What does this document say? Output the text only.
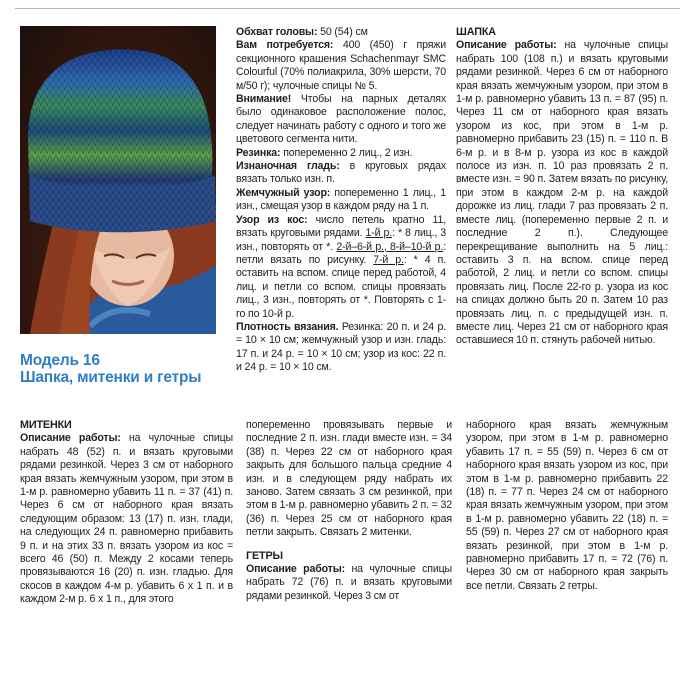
Модель 16
Шапка, митенки и гетры

Обхват головы: 50 (54) см

Вам потребуется: 400 (450) г пряжи секционного крашения Schachenmayr SMC Colourful (70% полиакрила, 30% шерсти, 70 м/50 г); чулочные спицы № 5.

Внимание! Чтобы на парных деталях было одинаковое расположение полос, следует начинать работу с одного и того же цветового сегмента нити.

Резинка: попеременно 2 лиц., 2 изн.

Изнаночная гладь: в круговых рядах вязать только изн. п.

Жемчужный узор: попеременно 1 лиц., 1 изн., смещая узор в каждом ряду на 1 п.

Узор из кос: число петель кратно 11, вязать круговыми рядами. 1-й р.: * 8 лиц., 3 изн., повторять от *. 2-й–6-й р., 8-й–10-й р.: петли вязать по рисунку. 7-й р.: * 4 п. оставить на вспом. спице перед работой, 4 лиц. и петли со вспом. спицы провязать лиц., 3 изн., повторять от *. Повторять с 1-го по 10-й р.

Плотность вязания. Резинка: 20 п. и 24 р. = 10 × 10 см; жемчужный узор и изн. гладь: 17 п. и 24 р. = 10 × 10 см; узор из кос: 22 п. и 24 р. = 10 × 10 см.

ШАПКА

Описание работы: на чулочные спицы набрать 100 (108 п.) и вязать круговыми рядами резинкой. Через 6 см от наборного края вязать жемчужным узором, при этом в 1-м р. равномерно убавить 13 п. = 87 (95) п. Через 11 см от наборного края вязать узором из кос, при этом в 1-м р. равномерно прибавить 23 (15) п. = 110 п. В 6-м р. и в 8-м р. узора из кос в каждой полосе из изн. п. 10 раз провязать 2 п. вместе изн. = 90 п. Затем вязать по рисунку, при этом в каждом 2-м р. на каждой дорожке из лиц. глади 7 раз провязать 2 п. вместе лиц. (попеременно первые 2 п. и последние 2 п.). Следующее перекрещивание выполнить на 5 лиц.: оставить 3 п. на вспом. спице перед работой, 2 лиц. и петли со вспом. спицы провязать лиц. После 22-го р. узора из кос на спицах должно быть 20 п. Затем 10 раз провязать лиц. п. с предыдущей изн. п. вместе лиц. Через 21 см от наборного края оставшиеся 10 п. стянуть рабочей нитью.

МИТЕНКИ

Описание работы: на чулочные спицы набрать 48 (52) п. и вязать круговыми рядами резинкой. Через 3 см от наборного края вязать жемчужным узором, при этом в 1-м р. равномерно убавить 11 п. = 37 (41) п. Через 6 см от наборного края вязать следующим образом: 13 (17) п. изн. глади, на следующих 24 п. равномерно прибавить 9 п. и на этих 33 п. вязать узором из кос = всего 46 (50) п. Между 2 косами теперь провязываются 16 (20) п. изн. гладью. Для скосов в каждом 4-м р. убавить 6 х 1 п. и в каждом 2-м р. 6 х 1 п., для этого

попеременно провязывать первые и последние 2 п. изн. глади вместе изн. = 34 (38) п. Через 22 см от наборного края закрыть для большого пальца средние 4 изн. и в следующем ряду набрать их заново. Затем связать 3 см резинкой, при этом в 1-м р. равномерно убавить 2 п. = 32 (36) п. Через 25 см от наборного края петли закрыть. Связать 2 митенки.

ГЕТРЫ

Описание работы: на чулочные спицы набрать 72 (76) п. и вязать круговыми рядами резинкой. Через 3 см от

наборного края вязать жемчужным узором, при этом в 1-м р. равномерно убавить 17 п. = 55 (59) п. Через 6 см от наборного края вязать узором из кос, при этом в 1-м р. равномерно прибавить 22 (18) п. = 77 п. Через 24 см от наборного края вязать жемчужным узором, при этом в 1-м р. равномерно убавить 22 (18) п. = 55 (59) п. Через 27 см от наборного края вязать резинкой, при этом в 1-м р. равномерно прибавить 17 п. = 72 (76) п. Через 30 см от наборного края закрыть все петли. Связать 2 гетры.
